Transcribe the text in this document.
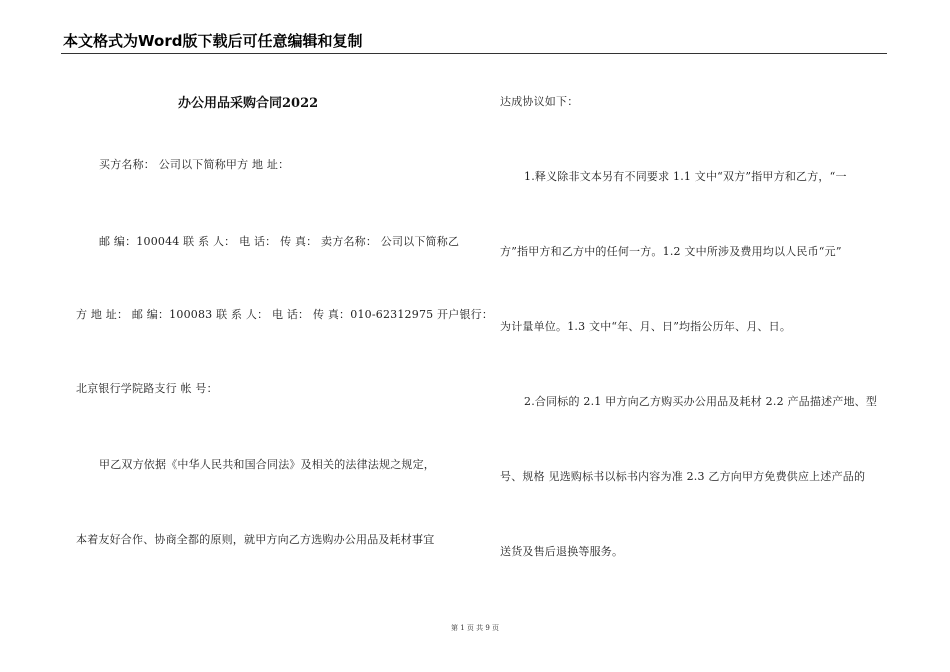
本文格式为Word版下载后可任意编辑和复制
办公用品采购合同2022
买方名称： 公司以下简称甲方 地 址：
邮 编：100044 联 系 人： 电 话： 传 真： 卖方名称： 公司以下简称乙
方 地 址： 邮 编：100083 联 系 人： 电 话： 传 真：010-62312975 开户银行：
北京银行学院路支行 帐 号：
甲乙双方依据《中华人民共和国合同法》及相关的法律法规之规定，
本着友好合作、协商全都的原则，就甲方向乙方选购办公用品及耗材事宜
达成协议如下：
1.释义除非文本另有不同要求 1.1 文中“双方”指甲方和乙方，“一
方”指甲方和乙方中的任何一方。1.2 文中所涉及费用均以人民币“元”
为计量单位。1.3 文中“年、月、日”均指公历年、月、日。
2.合同标的 2.1 甲方向乙方购买办公用品及耗材 2.2 产品描述产地、型
号、规格 见选购标书以标书内容为准 2.3 乙方向甲方免费供应上述产品的
送货及售后退换等服务。
第 1 页 共 9 页
